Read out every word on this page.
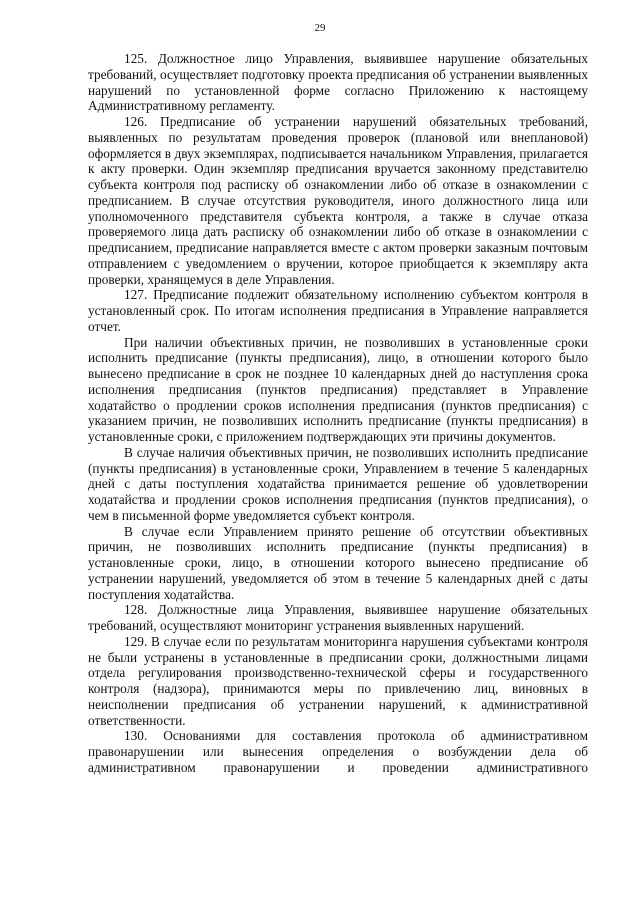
29

125. Должностное лицо Управления, выявившее нарушение обязательных требований, осуществляет подготовку проекта предписания об устранении выявленных нарушений по установленной форме согласно Приложению к настоящему Административному регламенту.

126. Предписание об устранении нарушений обязательных требований, выявленных по результатам проведения проверок (плановой или внеплановой) оформляется в двух экземплярах, подписывается начальником Управления, прилагается к акту проверки. Один экземпляр предписания вручается законному представителю субъекта контроля под расписку об ознакомлении либо об отказе в ознакомлении с предписанием. В случае отсутствия руководителя, иного должностного лица или уполномоченного представителя субъекта контроля, а также в случае отказа проверяемого лица дать расписку об ознакомлении либо об отказе в ознакомлении с предписанием, предписание направляется вместе с актом проверки заказным почтовым отправлением с уведомлением о вручении, которое приобщается к экземпляру акта проверки, хранящемуся в деле Управления.

127. Предписание подлежит обязательному исполнению субъектом контроля в установленный срок. По итогам исполнения предписания в Управление направляется отчет.

При наличии объективных причин, не позволивших в установленные сроки исполнить предписание (пункты предписания), лицо, в отношении которого было вынесено предписание в срок не позднее 10 календарных дней до наступления срока исполнения предписания (пунктов предписания) представляет в Управление ходатайство о продлении сроков исполнения предписания (пунктов предписания) с указанием причин, не позволивших исполнить предписание (пункты предписания) в установленные сроки, с приложением подтверждающих эти причины документов.

В случае наличия объективных причин, не позволивших исполнить предписание (пункты предписания) в установленные сроки, Управлением в течение 5 календарных дней с даты поступления ходатайства принимается решение об удовлетворении ходатайства и продлении сроков исполнения предписания (пунктов предписания), о чем в письменной форме уведомляется субъект контроля.

В случае если Управлением принято решение об отсутствии объективных причин, не позволивших исполнить предписание (пункты предписания) в установленные сроки, лицо, в отношении которого вынесено предписание об устранении нарушений, уведомляется об этом в течение 5 календарных дней с даты поступления ходатайства.

128. Должностные лица Управления, выявившее нарушение обязательных требований, осуществляют мониторинг устранения выявленных нарушений.

129. В случае если по результатам мониторинга нарушения субъектами контроля не были устранены в установленные в предписании сроки, должностными лицами отдела регулирования производственно-технической сферы и государственного контроля (надзора), принимаются меры по привлечению лиц, виновных в неисполнении предписания об устранении нарушений, к административной ответственности.

130. Основаниями для составления протокола об административном правонарушении или вынесения определения о возбуждении дела об административном правонарушении и проведении административного
